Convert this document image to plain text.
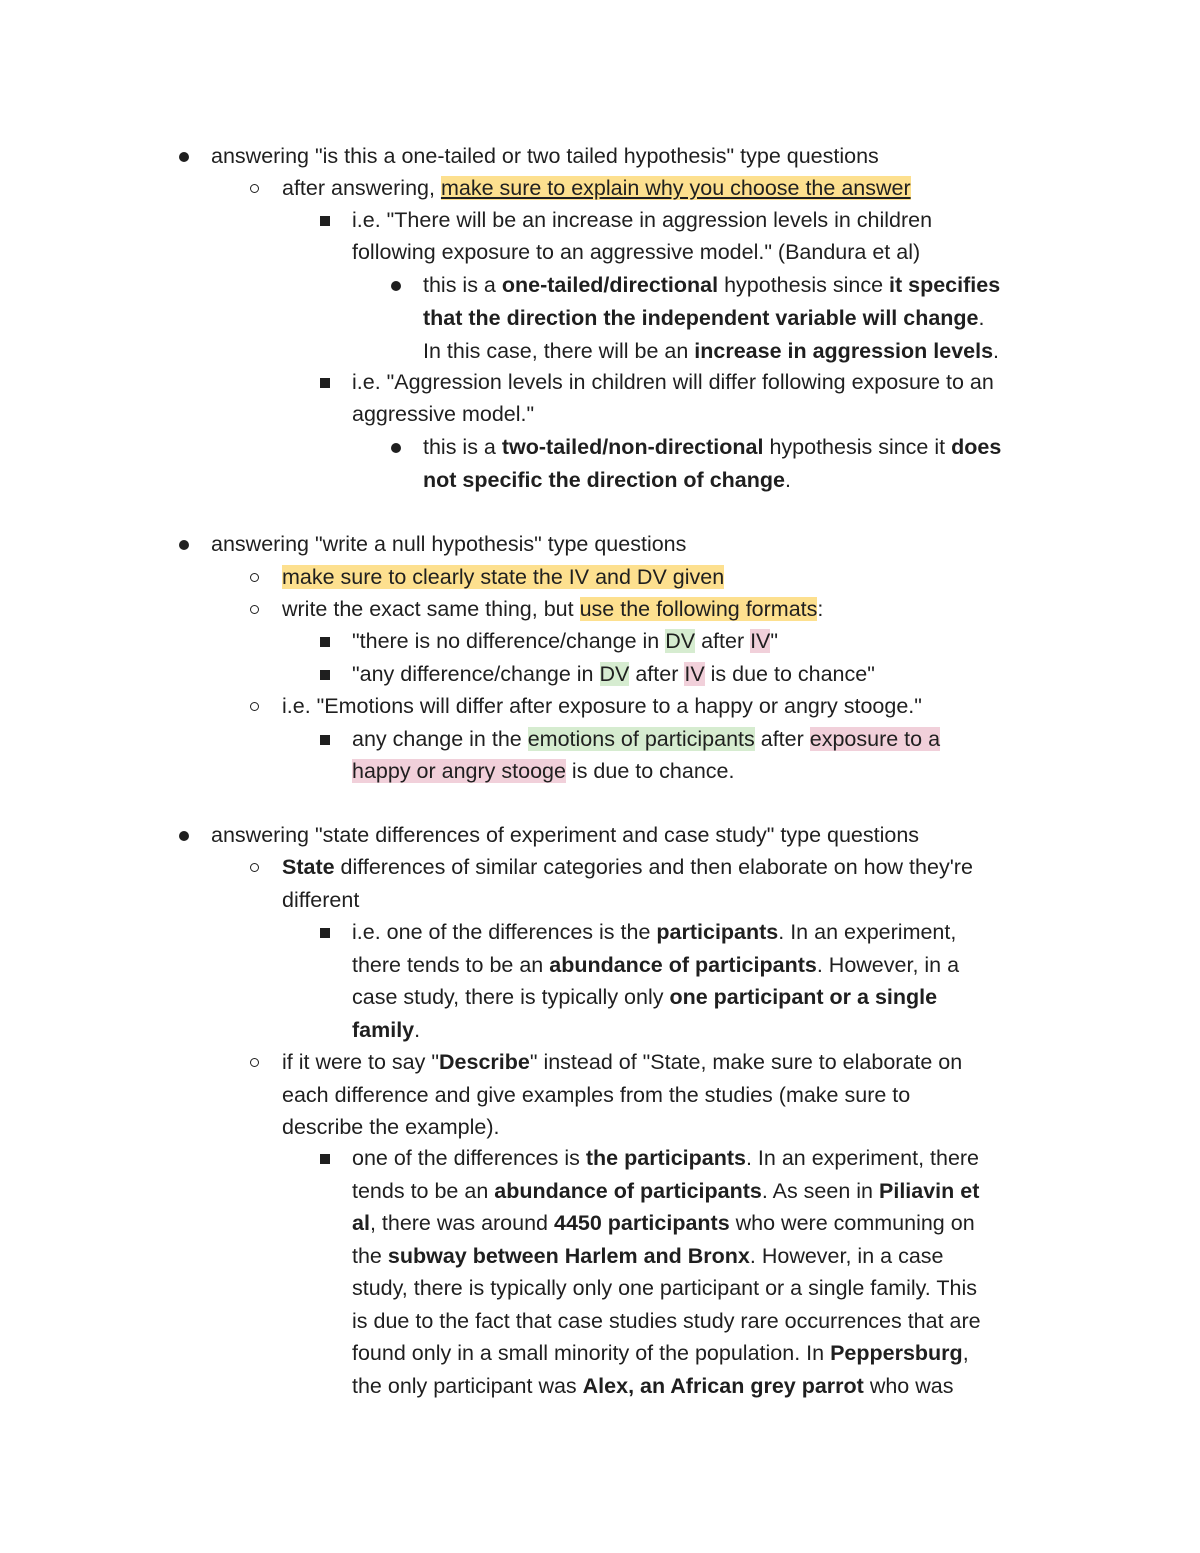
answering "is this a one-tailed or two tailed hypothesis" type questions
after answering, make sure to explain why you choose the answer
i.e. "There will be an increase in aggression levels in children
following exposure to an aggressive model." (Bandura et al)
this is a one-tailed/directional hypothesis since it specifies
that the direction the independent variable will change.
In this case, there will be an increase in aggression levels.
i.e. "Aggression levels in children will differ following exposure to an
aggressive model."
this is a two-tailed/non-directional hypothesis since it does
not specific the direction of change.
answering "write a null hypothesis" type questions
make sure to clearly state the IV and DV given
write the exact same thing, but use the following formats:
"there is no difference/change in DV after IV"
"any difference/change in DV after IV is due to chance"
i.e. "Emotions will differ after exposure to a happy or angry stooge."
any change in the emotions of participants after exposure to a
happy or angry stooge is due to chance.
answering "state differences of experiment and case study" type questions
State differences of similar categories and then elaborate on how they're
different
i.e. one of the differences is the participants. In an experiment,
there tends to be an abundance of participants. However, in a
case study, there is typically only one participant or a single
family.
if it were to say "Describe" instead of "State, make sure to elaborate on
each difference and give examples from the studies (make sure to
describe the example).
one of the differences is the participants. In an experiment, there
tends to be an abundance of participants. As seen in Piliavin et
al, there was around 4450 participants who were communing on
the subway between Harlem and Bronx. However, in a case
study, there is typically only one participant or a single family. This
is due to the fact that case studies study rare occurrences that are
found only in a small minority of the population. In Peppersburg,
the only participant was Alex, an African grey parrot who was
